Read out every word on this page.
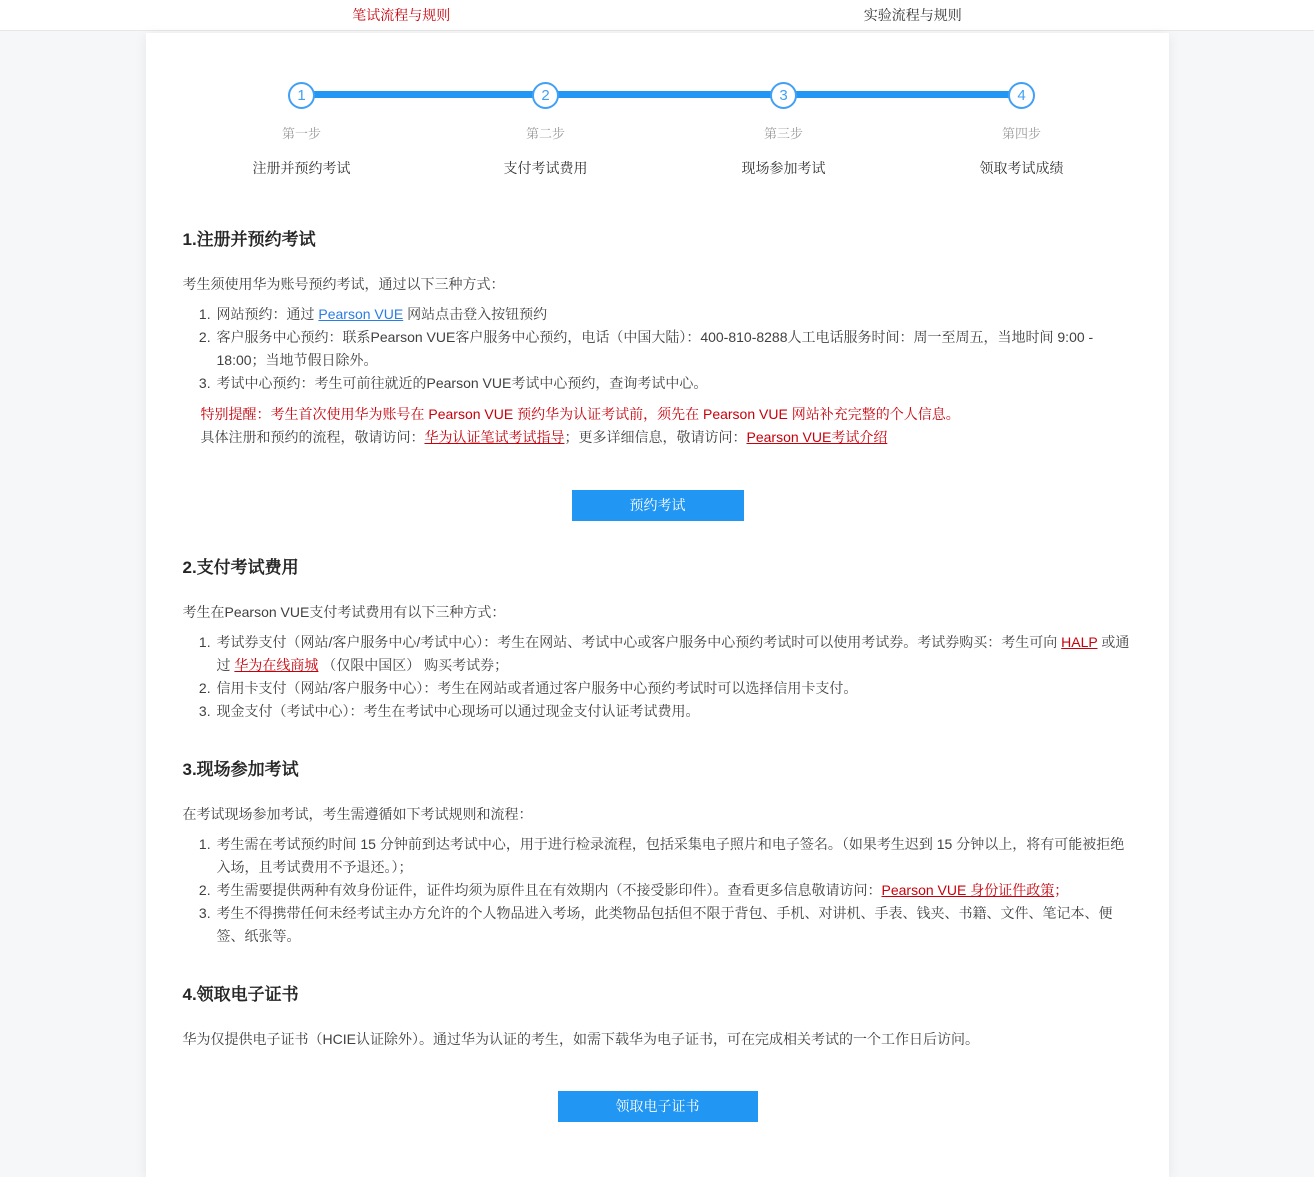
笔试流程与规则	实验流程与规则
1
第一步
注册并预约考试
2
第二步
支付考试费用
3
第三步
现场参加考试
4
第四步
领取考试成绩
1.注册并预约考试

考生须使用华为账号预约考试，通过以下三种方式：

1. 网站预约：通过 Pearson VUE 网站点击登入按钮预约
2. 客户服务中心预约：联系Pearson VUE客户服务中心预约，电话（中国大陆）：400-810-8288人工电话服务时间：周一至周五，当地时间 9:00 - 18:00；当地节假日除外。
3. 考试中心预约：考生可前往就近的Pearson VUE考试中心预约，查询考试中心。

特别提醒：考生首次使用华为账号在 Pearson VUE 预约华为认证考试前，须先在 Pearson VUE 网站补充完整的个人信息。

具体注册和预约的流程，敬请访问：华为认证笔试考试指导；更多详细信息，敬请访问：Pearson VUE考试介绍

预约考试
2.支付考试费用

考生在Pearson VUE支付考试费用有以下三种方式：

1. 考试券支付（网站/客户服务中心/考试中心）：考生在网站、考试中心或客户服务中心预约考试时可以使用考试券。考试券购买：考生可向 HALP 或通过 华为在线商城 （仅限中国区） 购买考试券；
2. 信用卡支付（网站/客户服务中心）：考生在网站或者通过客户服务中心预约考试时可以选择信用卡支付。
3. 现金支付（考试中心）：考生在考试中心现场可以通过现金支付认证考试费用。
3.现场参加考试

在考试现场参加考试，考生需遵循如下考试规则和流程：

1. 考生需在考试预约时间 15 分钟前到达考试中心，用于进行检录流程，包括采集电子照片和电子签名。（如果考生迟到 15 分钟以上，将有可能被拒绝入场，且考试费用不予退还。）；
2. 考生需要提供两种有效身份证件，证件均须为原件且在有效期内（不接受影印件）。查看更多信息敬请访问：Pearson VUE 身份证件政策；
3. 考生不得携带任何未经考试主办方允许的个人物品进入考场，此类物品包括但不限于背包、手机、对讲机、手表、钱夹、书籍、文件、笔记本、便签、纸张等。
4.领取电子证书

华为仅提供电子证书（HCIE认证除外）。通过华为认证的考生，如需下载华为电子证书，可在完成相关考试的一个工作日后访问。

领取电子证书
